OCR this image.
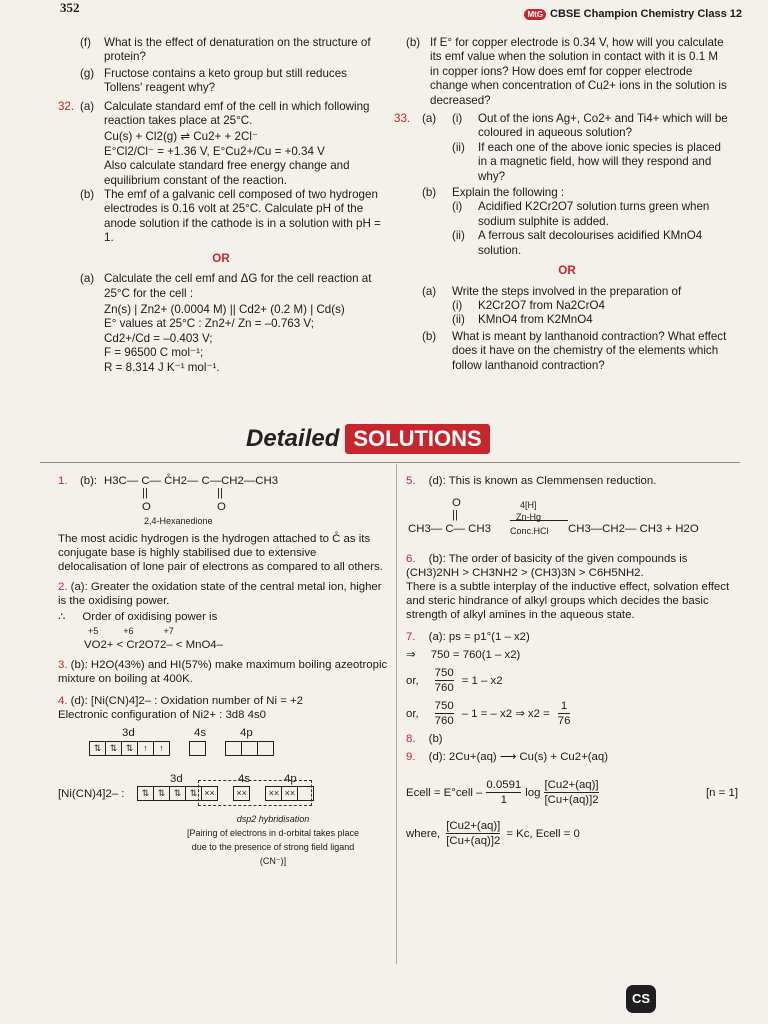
352	MtG CBSE Champion Chemistry Class 12
(f) What is the effect of denaturation on the structure of protein?
(g) Fructose contains a keto group but still reduces Tollens' reagent why?
32. (a) Calculate standard emf of the cell in which following reaction takes place at 25°C.
Cu(s) + Cl2(g) ⇌ Cu2+ + 2Cl⁻
E°Cl2/Cl⁻ = +1.36 V, E°Cu2+/Cu = +0.34 V
Also calculate standard free energy change and equilibrium constant of the reaction.
(b) The emf of a galvanic cell composed of two hydrogen electrodes is 0.16 volt at 25°C. Calculate pH of the anode solution if the cathode is in a solution with pH = 1.
OR
(a) Calculate the cell emf and ΔG for the cell reaction at 25°C for the cell :
Zn(s) | Zn2+ (0.0004 M) || Cd2+ (0.2 M) | Cd(s)
E° values at 25°C : Zn2+/ Zn = –0.763 V;
Cd2+/Cd = –0.403 V;
F = 96500 C mol⁻¹;
R = 8.314 J K⁻¹ mol⁻¹.
(b) If E° for copper electrode is 0.34 V, how will you calculate its emf value when the solution in contact with it is 0.1 M in copper ions? How does emf for copper electrode change when concentration of Cu2+ ions in the solution is decreased?
33. (a) (i) Out of the ions Ag+, Co2+ and Ti4+ which will be coloured in aqueous solution?
(ii) If each one of the above ionic species is placed in a magnetic field, how will they respond and why?
(b) Explain the following :
(i) Acidified K2Cr2O7 solution turns green when sodium sulphite is added.
(ii) A ferrous salt decolourises acidified KMnO4 solution.
OR
(a) Write the steps involved in the preparation of
(i) K2Cr2O7 from Na2CrO4
(ii) KMnO4 from K2MnO4
(b) What is meant by lanthanoid contraction? What effect does it have on the chemistry of the elements which follow lanthanoid contraction?
Detailed SOLUTIONS
1. (b): H3C— C— C̊H2— C—CH2—CH3
||	||
O	O
2,4-Hexanedione
The most acidic hydrogen is the hydrogen attached to C̊ as its conjugate base is highly stabilised due to extensive delocalisation of lone pair of electrons as compared to all others.
2. (a): Greater the oxidation state of the central metal ion, higher is the oxidising power.
∴ Order of oxidising power is
+5          +6            +7
VO2+ < Cr2O72– < MnO4–
3. (b): H2O(43%) and HI(57%) make maximum boiling azeotropic mixture on boiling at 400K.
4. (d): [Ni(CN)4]2– : Oxidation number of Ni = +2
Electronic configuration of Ni2+ : 3d8 4s0
3d	4s	4p
⇅ ⇅ ⇅ ↑ ↑
3d	4s	4p
[Ni(CN)4]2– :	⇅ ⇅ ⇅ ⇅ ×× ×× ×× ××
dsp2 hybridisation
[Pairing of electrons in d-orbital takes place due to the presence of strong field ligand (CN⁻)]
5. (d): This is known as Clemmensen reduction.
O
||
CH3— C— CH3
4[H]
Zn-Hg
Conc.HCl CH3—CH2— CH3 + H2O
6. (b): The order of basicity of the given compounds is
(CH3)2NH > CH3NH2 > (CH3)3N > C6H5NH2.
There is a subtle interplay of the inductive effect, solvation effect and steric hindrance of alkyl groups which decides the basic strength of alkyl amines in the aqueous state.
7. (a): ps = p1°(1 – x2)
⇒ 750 = 760(1 – x2)
or, $\frac{750}{760} = 1 - x2$
or, $\frac{750}{760} - 1$ = – x2 ⇒ $x2 = \frac{1}{76}$
8. (b)
9. (d): 2Cu+(aq) ⟶ Cu(s) + Cu2+(aq)
Ecell = E°cell – $\frac{0.0591}{1}$ $\log \frac{[Cu2+(aq)]}{[Cu+(aq)]2}$	[n = 1]
where, $\frac{[Cu2+(aq)]}{[Cu+(aq)]2} = Kc$, Ecell = 0
CS
